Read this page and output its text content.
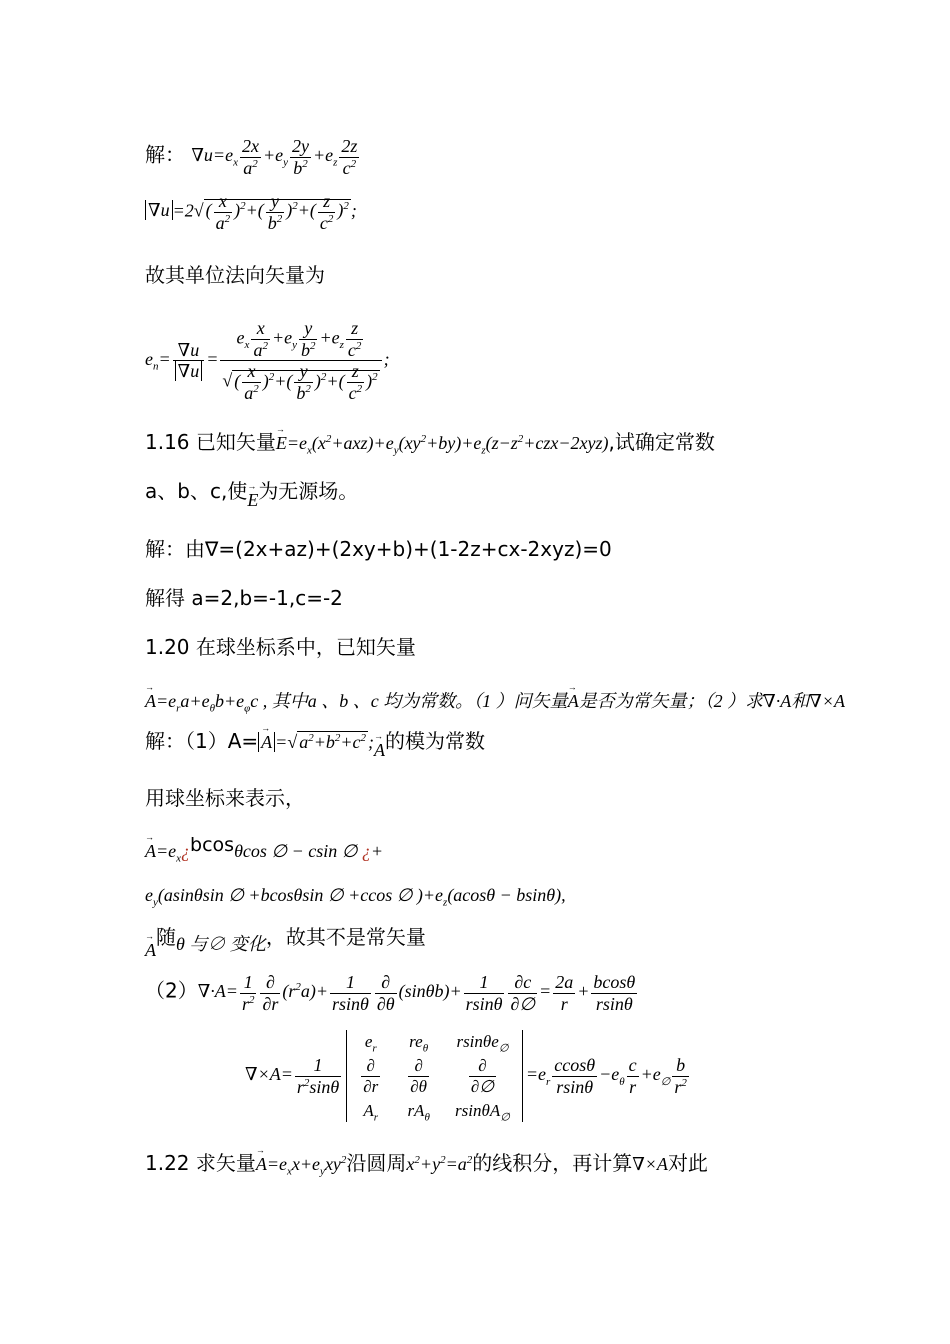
解： $\nabla u=e_x \frac{2x}{a^2} +e_y \frac{2y}{b^2} +e_z \frac{2z}{c^2}$
∇u =2√ ( $\frac{x}{a^2} )^2+( \frac{y}{b^2} )^2+( \frac{z}{c^2} )^2$ ;
故其单位法向矢量为
$e_n= \frac{\nabla u}{\nabla u} = \frac{e_x \frac{x}{a^2} +e_y \frac{y}{b^2} +e_z \frac{z}{c^2}}{√ ( \frac{x}{a^2} )^2+( \frac{y}{b^2} )^2+( \frac{z}{c^2} )^2}$ ;
1.16 已知矢量→ $E=e_x(x^2+axz)+e_y(xy^2+by)+e_z(z-z^2+czx-2xyz)$,试确定常数
a、b、c,使→ E为无源场。
解：由∇=(2x+az)+(2xy+b)+(1-2z+cx-2xyz)=0
解得 a=2,b=-1,c=-2
1.20 在球坐标系中，已知矢量
→ $A=e_ra+e_\theta b+e_\varphi c$ , 其中a 、b 、c 均为常数。（1 ）问矢量→ A是否为常矢量；（2 ）求∇·A和∇×A
解：（1）A= → A =√ $a^2+b^2+c^2$ ;→ A的模为常数
用球坐标来表示，
→ $A=e_x¿bcos\theta\cos$ ∅ − csin ∅ ¿+
$e_y(asin\theta\sin$ ∅ +bcosθsin ∅ +ccos ∅ )$+e_z(acos\theta - bsin\theta)$,
→ A随θ 与∅ 变化，故其不是常矢量
$(2)\nabla\cdot A= \frac{1}{r^2} \frac{\partial}{\partial r} (r^2a)+ \frac{1}{rsin\theta} \frac{\partial}{\partial\theta} (\sin\theta b)+ \frac{1}{rsin\theta} \frac{\partial c}{\partial\emptyset} = \frac{2a}{r} + \frac{bcos\theta}{rsin\theta}$
$\nabla\times A= \frac{1}{r^2\sin\theta}$
$e_r$	$re_\theta$	rsinθe$_\emptyset$

$\frac{\partial}{\partial r}$	$\frac{\partial}{\partial\theta}$	$\frac{\partial}{\partial\emptyset}$

$A_r$	$rA_\theta$	$rsin\theta A_\emptyset=e_r \frac{ccos\theta}{rsin\theta} -e_\theta \frac{c}{r} +e_\emptyset \frac{b}{r^2}$
1.22 求矢量→ $A=e_xx+e_yxy^2$沿圆周$x^2+y^2=a^2$的线积分，再计算∇×A对此
